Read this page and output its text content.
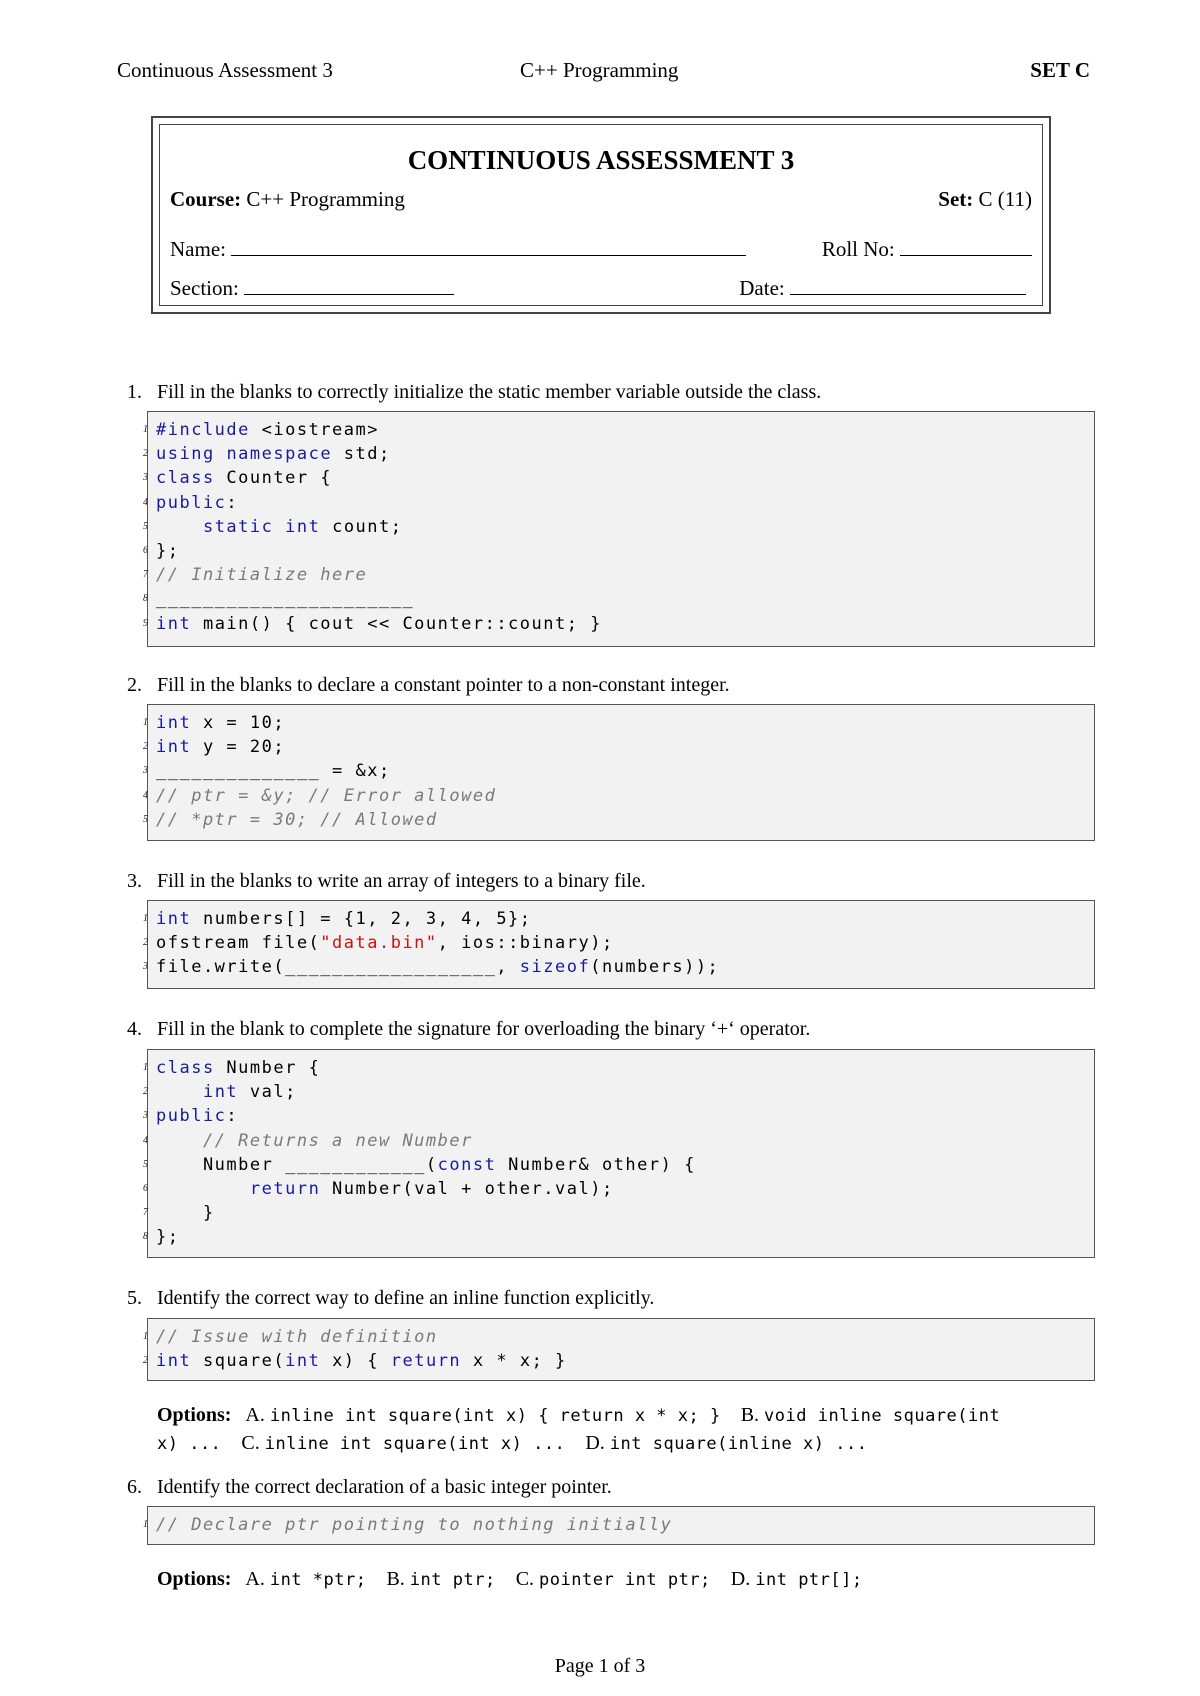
Continuous Assessment 3	C++ Programming	SET C
CONTINUOUS ASSESSMENT 3
Course: C++ Programming	Set: C (11)
Name:	Roll No:
Section:	Date:
1. Fill in the blanks to correctly initialize the static member variable outside the class.
1 #include <iostream>
2 using namespace std;
3 class Counter {
4 public:
5	static int count;
6 };
7 // Initialize here
8 ______________________
9 int main() { cout << Counter::count; }
2. Fill in the blanks to declare a constant pointer to a non-constant integer.
1 int x = 10;
2 int y = 20;
3 ______________ = &x;
4 // ptr = &y; // Error allowed
5 // *ptr = 30; // Allowed
3. Fill in the blanks to write an array of integers to a binary file.
1 int numbers[] = {1, 2, 3, 4, 5};
2 ofstream file("data.bin", ios::binary);
3 file.write(__________________, sizeof(numbers));
4. Fill in the blank to complete the signature for overloading the binary ‘+‘ operator.
1 class Number {
2	int val;
3 public:
4	// Returns a new Number
5 Number ____________(const Number& other) {
6	return Number(val + other.val);
7 }
8 };
5. Identify the correct way to define an inline function explicitly.
1 // Issue with definition
2 int square(int x) { return x * x; }
Options: A. inline int square(int x) { return x * x; } B. void inline square(int
x) ... C. inline int square(int x) ... D. int square(inline x) ...
6. Identify the correct declaration of a basic integer pointer.
1 // Declare ptr pointing to nothing initially
Options: A. int *ptr; B. int ptr; C. pointer int ptr; D. int ptr[];
Page 1 of 3
